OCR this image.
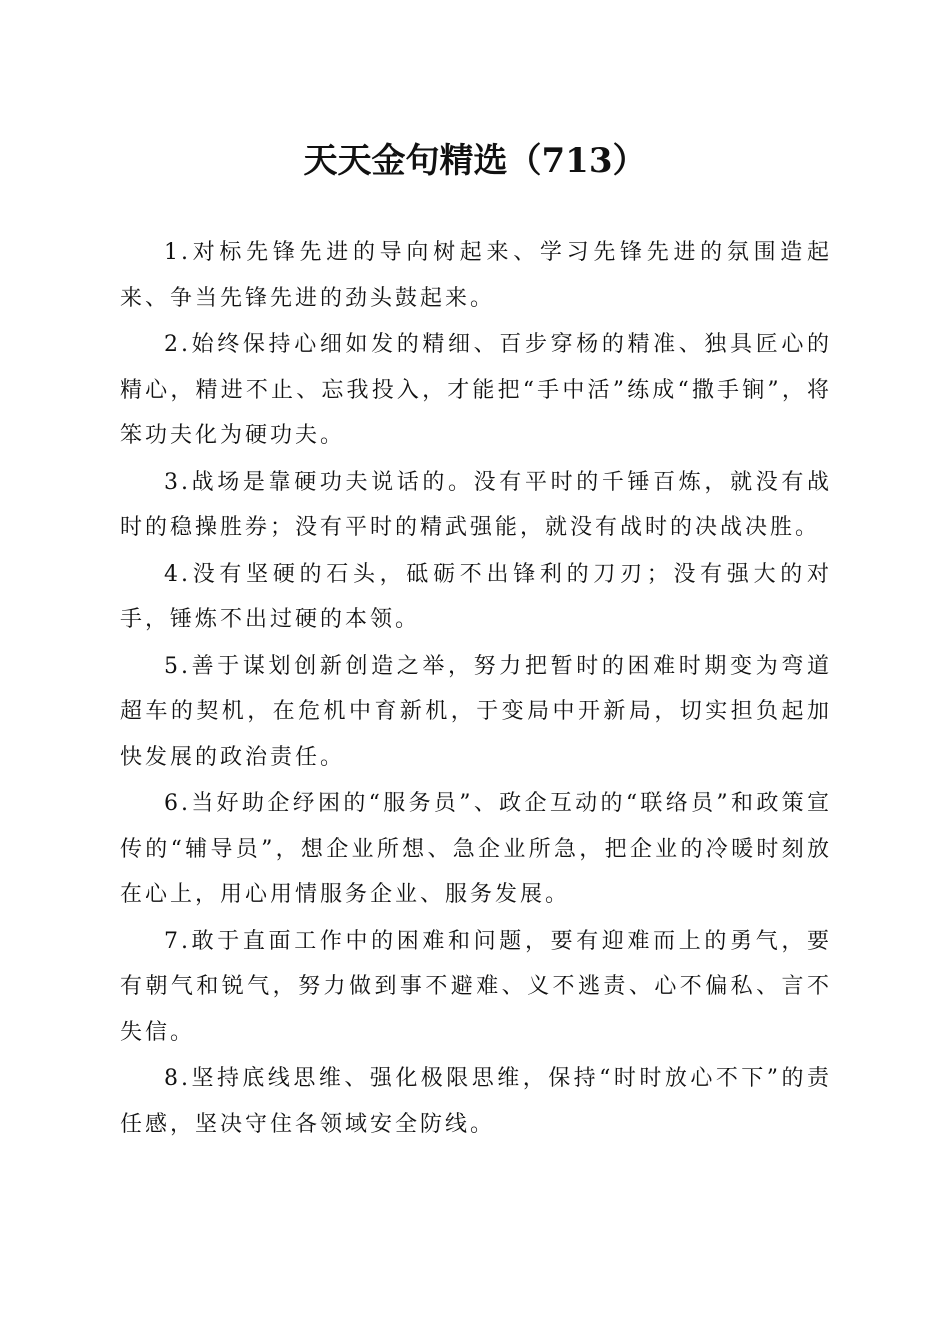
天天金句精选（713）

1.对标先锋先进的导向树起来、学习先锋先进的氛围造起来、争当先锋先进的劲头鼓起来。

2.始终保持心细如发的精细、百步穿杨的精准、独具匠心的精心，精进不止、忘我投入，才能把“手中活”练成“撒手锏”，将笨功夫化为硬功夫。

3.战场是靠硬功夫说话的。没有平时的千锤百炼，就没有战时的稳操胜券；没有平时的精武强能，就没有战时的决战决胜。

4.没有坚硬的石头，砥砺不出锋利的刀刃；没有强大的对手，锤炼不出过硬的本领。

5.善于谋划创新创造之举，努力把暂时的困难时期变为弯道超车的契机，在危机中育新机，于变局中开新局，切实担负起加快发展的政治责任。

6.当好助企纾困的“服务员”、政企互动的“联络员”和政策宣传的“辅导员”，想企业所想、急企业所急，把企业的冷暖时刻放在心上，用心用情服务企业、服务发展。

7.敢于直面工作中的困难和问题，要有迎难而上的勇气，要有朝气和锐气，努力做到事不避难、义不逃责、心不偏私、言不失信。

8.坚持底线思维、强化极限思维，保持“时时放心不下”的责任感，坚决守住各领域安全防线。
